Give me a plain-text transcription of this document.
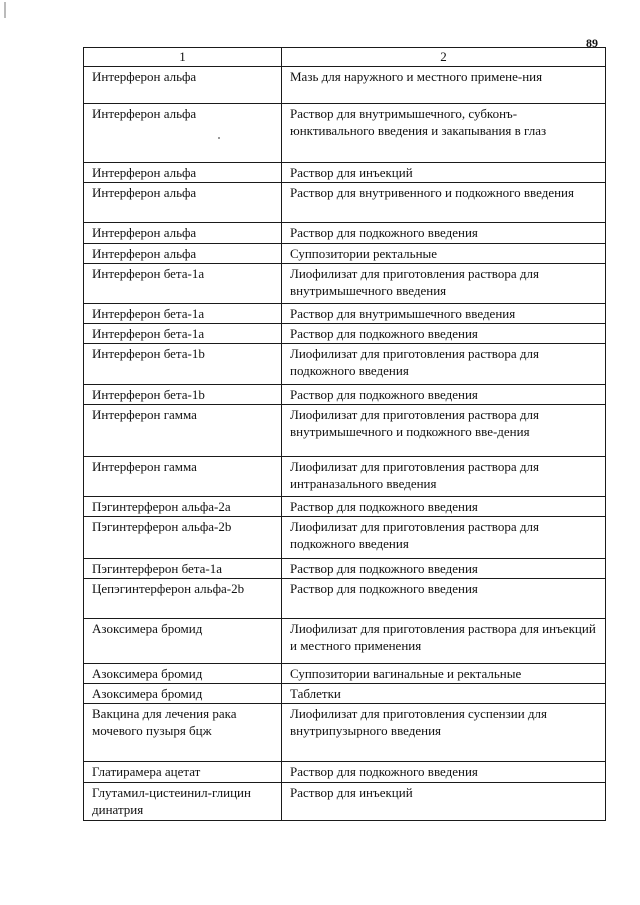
89
1	2
Интерферон альфа	Мазь для наружного и местного примене-ния
Интерферон альфа	Раствор для внутримышечного, субконъ-юнктивального введения и закапывания в глаз
Интерферон альфа	Раствор для инъекций
Интерферон альфа	Раствор для внутривенного и подкожного введения
Интерферон альфа	Раствор для подкожного введения
Интерферон альфа	Суппозитории ректальные
Интерферон бета-1а	Лиофилизат для приготовления раствора для внутримышечного введения
Интерферон бета-1а	Раствор для внутримышечного введения
Интерферон бета-1а	Раствор для подкожного введения
Интерферон бета-1b	Лиофилизат для приготовления раствора для подкожного введения
Интерферон бета-1b	Раствор для подкожного введения
Интерферон гамма	Лиофилизат для приготовления раствора для внутримышечного и подкожного вве-дения
Интерферон гамма	Лиофилизат для приготовления раствора для интраназального введения
Пэгинтерферон альфа-2а	Раствор для подкожного введения
Пэгинтерферон альфа-2b	Лиофилизат для приготовления раствора для подкожного введения
Пэгинтерферон бета-1а	Раствор для подкожного введения
Цепэгинтерферон альфа-2b	Раствор для подкожного введения
Азоксимера бромид	Лиофилизат для приготовления раствора для инъекций и местного применения
Азоксимера бромид	Суппозитории вагинальные и ректальные
Азоксимера бромид	Таблетки
Вакцина для лечения рака мочевого пузыря бцж	Лиофилизат для приготовления суспензии для внутрипузырного введения
Глатирамера ацетат	Раствор для подкожного введения
Глутамил-цистеинил-глицин динатрия	Раствор для инъекций
